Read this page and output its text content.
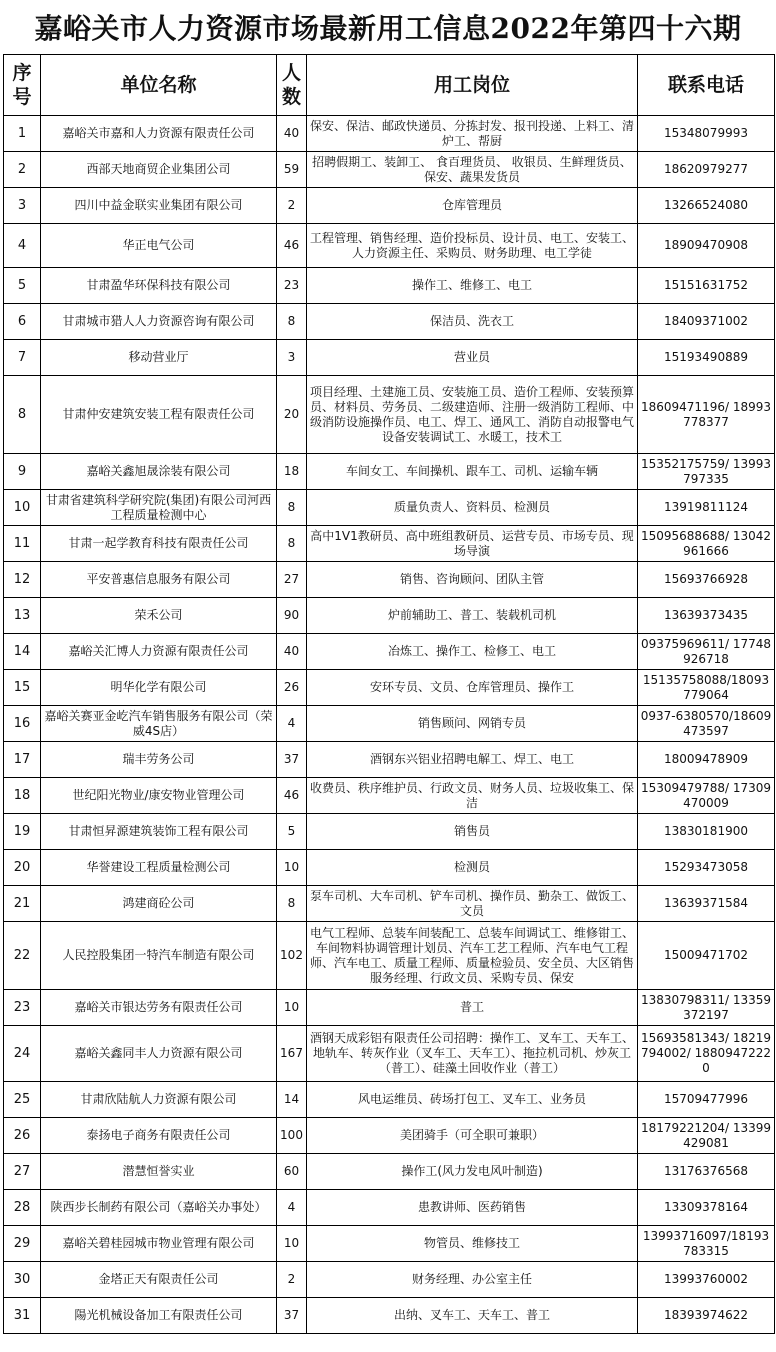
嘉峪关市人力资源市场最新用工信息2022年第四十六期
序号	单位名称	人数	用工岗位	联系电话
1	嘉峪关市嘉和人力资源有限责任公司	40	保安、保洁、邮政快递员、分拣封发、报刊投递、上料工、清炉工、帮厨	15348079993
2	西部天地商贸企业集团公司	59	招聘假期工、装卸工、 食百理货员、 收银员、生鲜理货员、保安、蔬果发货员	18620979277
3	四川中益金联实业集团有限公司	2	仓库管理员	13266524080
4	华正电气公司	46	工程管理、销售经理、造价投标员、设计员、电工、安装工、人力资源主任、采购员、财务助理、电工学徒	18909470908
5	甘肃盈华环保科技有限公司	23	操作工、维修工、电工	15151631752
6	甘肃城市猎人人力资源咨询有限公司	8	保洁员、洗衣工	18409371002
7	移动营业厅	3	营业员	15193490889
8	甘肃仲安建筑安装工程有限责任公司	20	项目经理、土建施工员、安装施工员、造价工程师、安装预算员、材料员、劳务员、二级建造师、注册一级消防工程师、中级消防设施操作员、电工、焊工、通风工、消防自动报警电气设备安装调试工、水暖工，技术工	18609471196/ 18993778377
9	嘉峪关鑫旭晟涂装有限公司	18	车间女工、车间操机、跟车工、司机、运输车辆	15352175759/ 13993797335
10	甘肃省建筑科学研究院(集团)有限公司河西工程质量检测中心	8	质量负责人、资料员、检测员	13919811124
11	甘肃一起学教育科技有限责任公司	8	高中1V1教研员、高中班组教研员、运营专员、市场专员、现场导演	15095688688/ 13042961666
12	平安普惠信息服务有限公司	27	销售、咨询顾问、团队主管	15693766928
13	荣禾公司	90	炉前辅助工、普工、装载机司机	13639373435
14	嘉峪关汇博人力资源有限责任公司	40	冶炼工、操作工、检修工、电工	09375969611/ 17748926718
15	明华化学有限公司	26	安环专员、文员、仓库管理员、操作工	15135758088/18093779064
16	嘉峪关赛亚金屹汽车销售服务有限公司（荣威4S店）	4	销售顾问、网销专员	0937-6380570/18609473597
17	瑞丰劳务公司	37	酒钢东兴铝业招聘电解工、焊工、电工	18009478909
18	世纪阳光物业/康安物业管理公司	46	收费员、秩序维护员、行政文员、财务人员、垃圾收集工、保洁	15309479788/ 17309470009
19	甘肃恒昇源建筑装饰工程有限公司	5	销售员	13830181900
20	华誉建设工程质量检测公司	10	检测员	15293473058
21	鸿建商砼公司	8	泵车司机、大车司机、铲车司机、操作员、勤杂工、做饭工、文员	13639371584
22	人民控股集团一特汽车制造有限公司	102	电气工程师、总装车间装配工、总装车间调试工、维修钳工、车间物料协调管理计划员、汽车工艺工程师、汽车电气工程师、汽车电工、质量工程师、质量检验员、安全员、大区销售服务经理、行政文员、采购专员、保安	15009471702
23	嘉峪关市银达劳务有限责任公司	10	普工	13830798311/ 13359372197
24	嘉峪关鑫同丰人力资源有限公司	167	酒钢天成彩铝有限责任公司招聘：操作工、叉车工、天车工、地轨车、转灰作业（叉车工、天车工）、拖拉机司机、炒灰工（普工）、硅藻土回收作业（普工）	15693581343/ 18219794002/ 18809472220
25	甘肃欣陆航人力资源有限公司	14	风电运维员、砖场打包工、叉车工、业务员	15709477996
26	泰扬电子商务有限责任公司	100	美团骑手（可全职可兼职）	18179221204/ 13399429081
27	潜慧恒誉实业	60	操作工(风力发电风叶制造)	13176376568
28	陕西步长制药有限公司（嘉峪关办事处）	4	患教讲师、医药销售	13309378164
29	嘉峪关碧桂园城市物业管理有限公司	10	物管员、维修技工	13993716097/18193783315
30	金塔正天有限责任公司	2	财务经理、办公室主任	13993760002
31	陽光机械设备加工有限责任公司	37	出纳、叉车工、天车工、普工	18393974622
